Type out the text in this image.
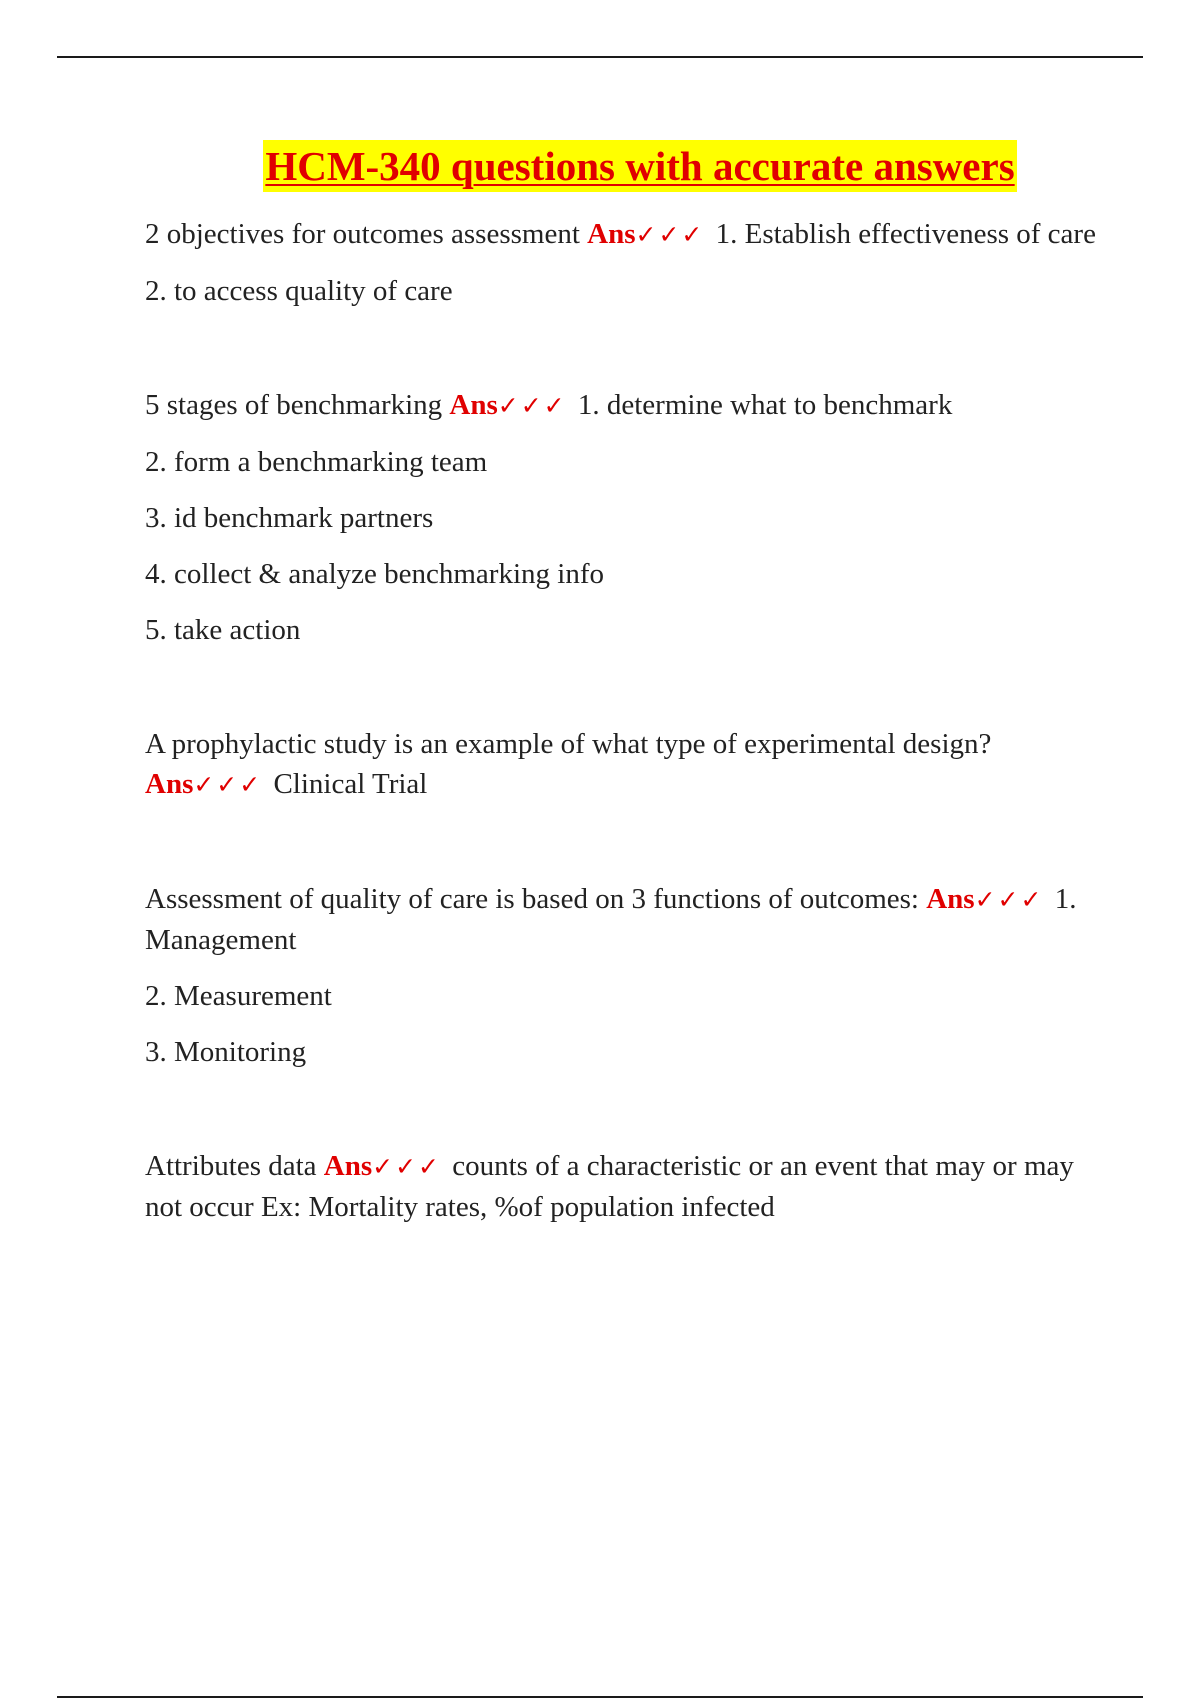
HCM-340 questions with accurate answers

2 objectives for outcomes assessment Ans✓✓✓ 1. Establish effectiveness of care

2. to access quality of care

5 stages of benchmarking Ans✓✓✓ 1. determine what to benchmark

2. form a benchmarking team

3. id benchmark partners

4. collect & analyze benchmarking info

5. take action

A prophylactic study is an example of what type of experimental design? Ans✓✓✓ Clinical Trial

Assessment of quality of care is based on 3 functions of outcomes: Ans✓✓✓ 1. Management

2. Measurement

3. Monitoring

Attributes data Ans✓✓✓ counts of a characteristic or an event that may or may not occur Ex: Mortality rates, %of population infected
